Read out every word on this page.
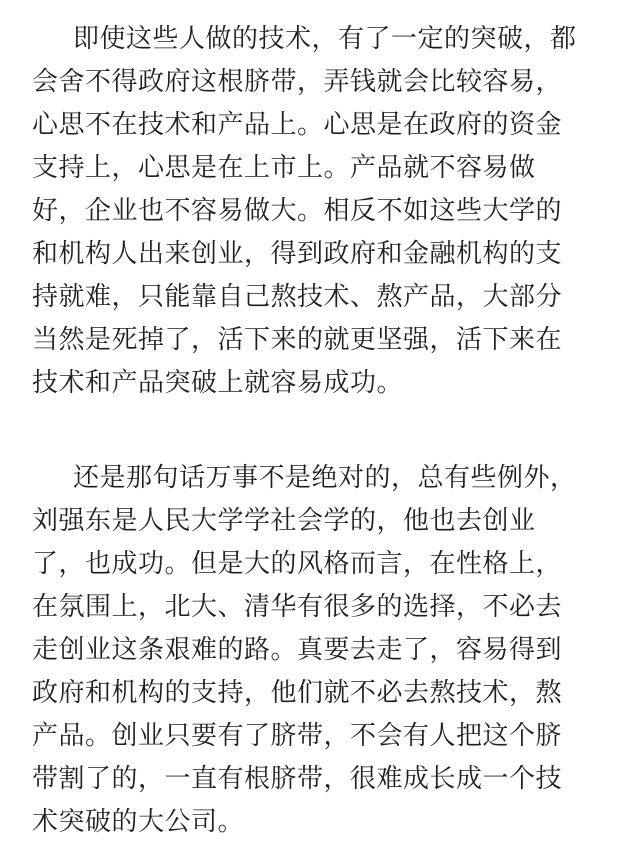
即使这些人做的技术，有了一定的突破，都
会舍不得政府这根脐带，弄钱就会比较容易，
心思不在技术和产品上。心思是在政府的资金
支持上，心思是在上市上。产品就不容易做
好，企业也不容易做大。相反不如这些大学的
和机构人出来创业，得到政府和金融机构的支
持就难，只能靠自己熬技术、熬产品，大部分
当然是死掉了，活下来的就更坚强，活下来在
技术和产品突破上就容易成功。
还是那句话万事不是绝对的，总有些例外，
刘强东是人民大学学社会学的，他也去创业
了，也成功。但是大的风格而言，在性格上，
在氛围上，北大、清华有很多的选择，不必去
走创业这条艰难的路。真要去走了，容易得到
政府和机构的支持，他们就不必去熬技术，熬
产品。创业只要有了脐带，不会有人把这个脐
带割了的，一直有根脐带，很难成长成一个技
术突破的大公司。
